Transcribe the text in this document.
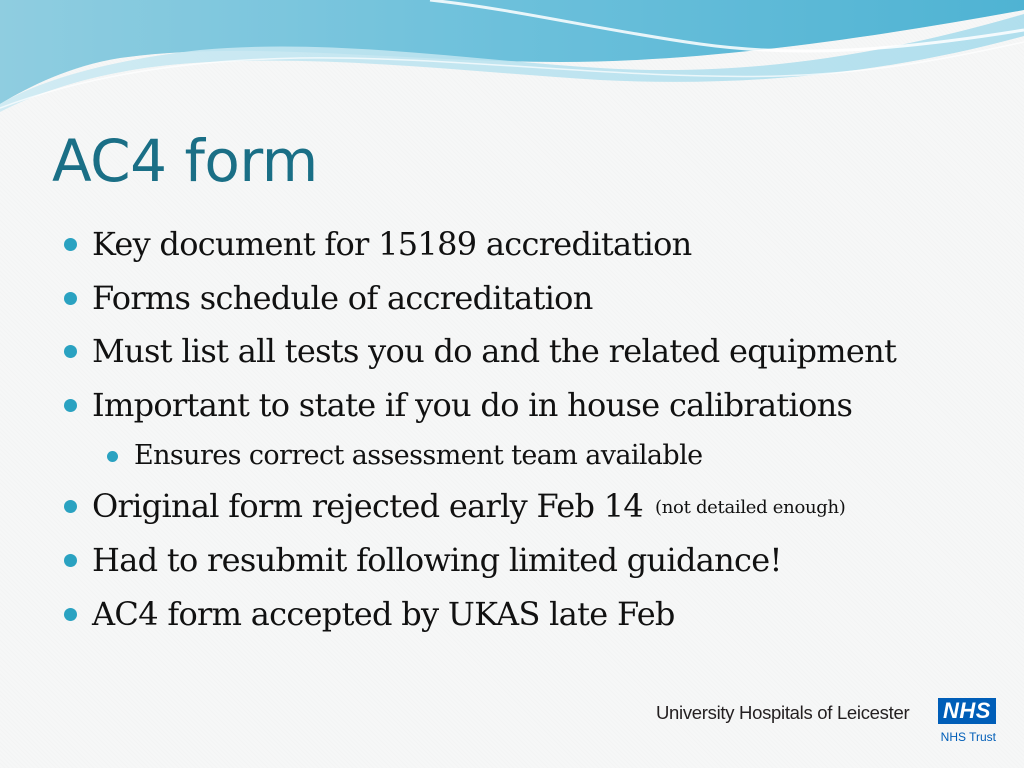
AC4 form
Key document for 15189 accreditation
Forms schedule of accreditation
Must list all tests you do and the related equipment
Important to state if you do in house calibrations
Ensures correct assessment team available
Original form rejected early Feb 14 (not detailed enough)
Had to resubmit following limited guidance!
AC4 form accepted by UKAS late Feb
University Hospitals of Leicester NHS
NHS Trust
